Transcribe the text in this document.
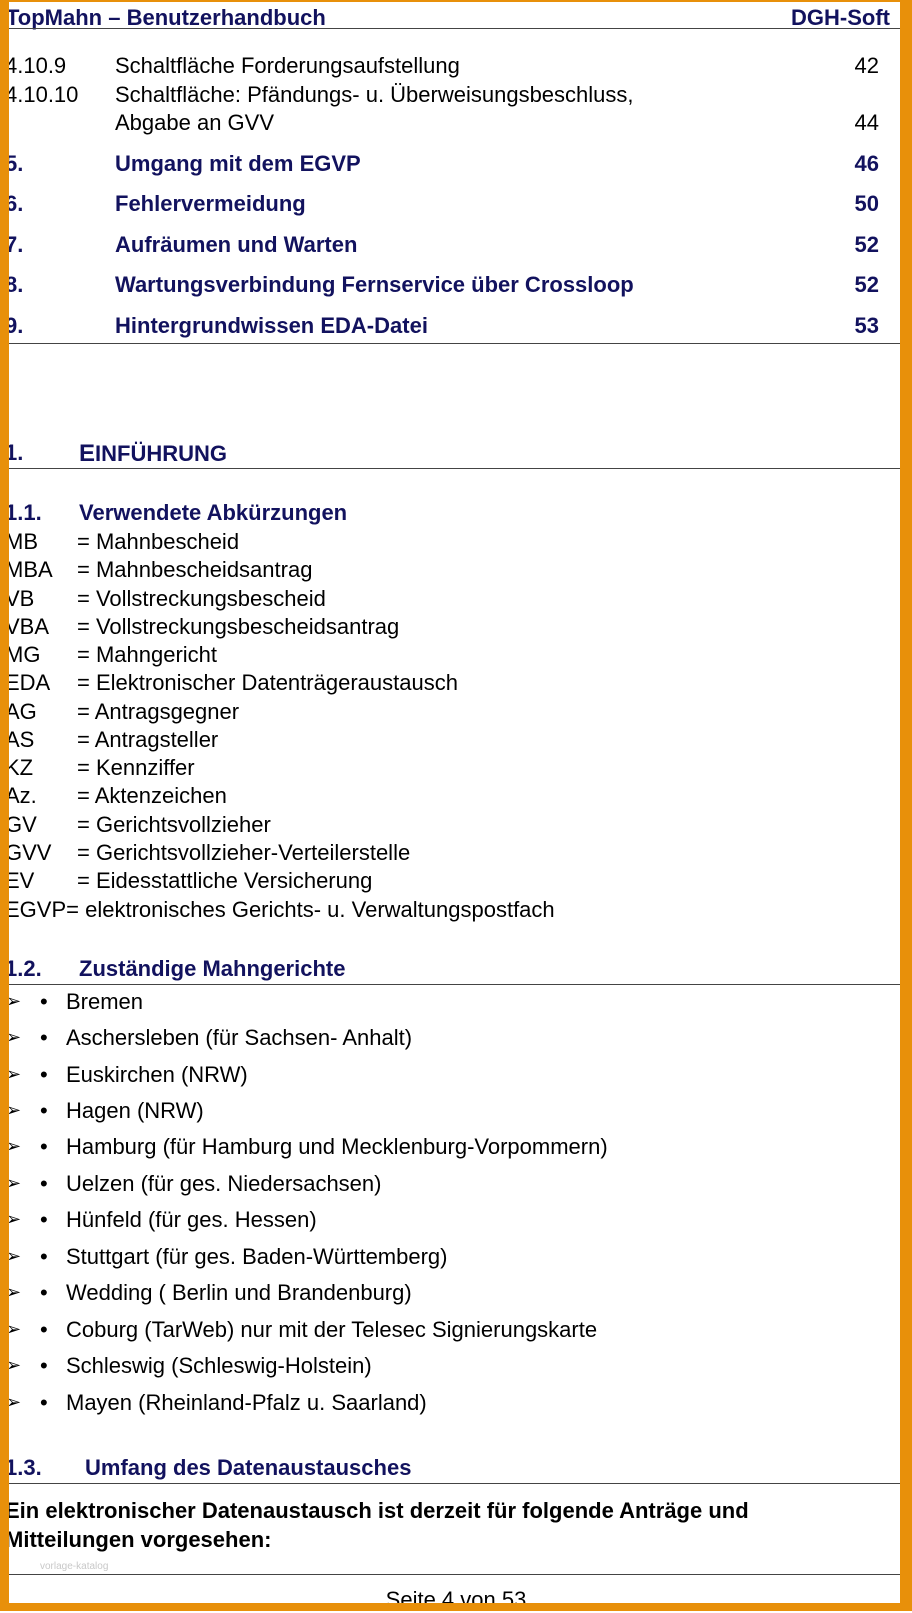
TopMahn – Benutzerhandbuch	DGH-Soft
4.10.9 Schaltfläche Forderungsaufstellung	42
4.10.10 Schaltfläche: Pfändungs- u. Überweisungsbeschluss,
Abgabe an GVV	44
5.	Umgang mit dem EGVP	46
6.	Fehlervermeidung	50
7.	Aufräumen und Warten	52
8.	Wartungsverbindung Fernservice über Crossloop	52
9.	Hintergrundwissen EDA-Datei	53
1. EINFÜHRUNG
1.1. Verwendete Abkürzungen
MB = Mahnbescheid
MBA = Mahnbescheidsantrag
VB = Vollstreckungsbescheid
VBA = Vollstreckungsbescheidsantrag
MG = Mahngericht
EDA = Elektronischer Datenträgeraustausch
AG = Antragsgegner
AS = Antragsteller
KZ = Kennziffer
Az. = Aktenzeichen
GV = Gerichtsvollzieher
GVV = Gerichtsvollzieher-Verteilerstelle
EV = Eidesstattliche Versicherung
EGVP= elektronisches Gerichts- u. Verwaltungspostfach
1.2. Zuständige Mahngerichte
➢ • Bremen
➢ • Aschersleben (für Sachsen- Anhalt)
➢ • Euskirchen (NRW)
➢ • Hagen (NRW)
➢ • Hamburg (für Hamburg und Mecklenburg-Vorpommern)
➢ • Uelzen (für ges. Niedersachsen)
➢ • Hünfeld (für ges. Hessen)
➢ • Stuttgart (für ges. Baden-Württemberg)
➢ • Wedding ( Berlin und Brandenburg)
➢ • Coburg (TarWeb) nur mit der Telesec Signierungskarte
➢ • Schleswig (Schleswig-Holstein)
➢ • Mayen (Rheinland-Pfalz u. Saarland)
1.3. Umfang des Datenaustausches
Ein elektronischer Datenaustausch ist derzeit für folgende Anträge und
Mitteilungen vorgesehen:
vorlage-katalog
Seite 4 von 53
